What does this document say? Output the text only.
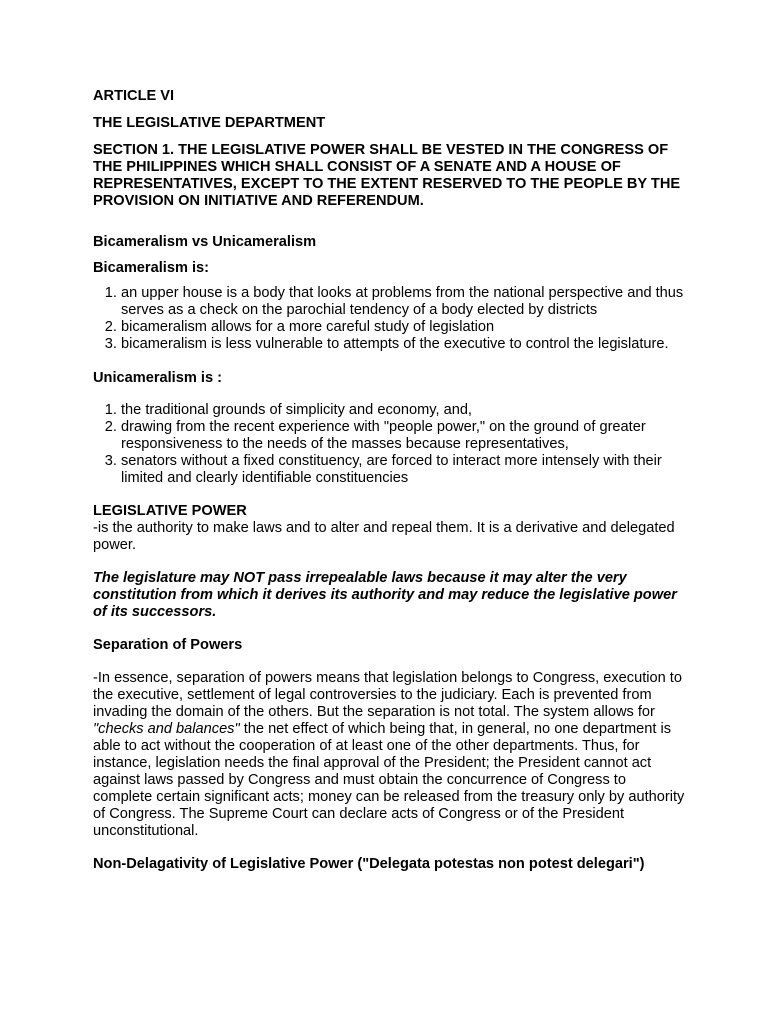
ARTICLE VI

THE LEGISLATIVE DEPARTMENT

SECTION 1. THE LEGISLATIVE POWER SHALL BE VESTED IN THE CONGRESS OF THE PHILIPPINES WHICH SHALL CONSIST OF A SENATE AND A HOUSE OF REPRESENTATIVES, EXCEPT TO THE EXTENT RESERVED TO THE PEOPLE BY THE PROVISION ON INITIATIVE AND REFERENDUM.

Bicameralism vs Unicameralism

Bicameralism is:

1. an upper house is a body that looks at problems from the national perspective and thus serves as a check on the parochial tendency of a body elected by districts
2. bicameralism allows for a more careful study of legislation
3. bicameralism is less vulnerable to attempts of the executive to control the legislature.

Unicameralism is :

1. the traditional grounds of simplicity and economy, and,
2. drawing from the recent experience with "people power," on the ground of greater responsiveness to the needs of the masses because representatives,
3. senators without a fixed constituency, are forced to interact more intensely with their limited and clearly identifiable constituencies

LEGISLATIVE POWER

-is the authority to make laws and to alter and repeal them. It is a derivative and delegated power.

The legislature may NOT pass irrepealable laws because it may alter the very constitution from which it derives its authority and may reduce the legislative power of its successors.

Separation of Powers

-In essence, separation of powers means that legislation belongs to Congress, execution to the executive, settlement of legal controversies to the judiciary. Each is prevented from invading the domain of the others. But the separation is not total. The system allows for "checks and balances" the net effect of which being that, in general, no one department is able to act without the cooperation of at least one of the other departments. Thus, for instance, legislation needs the final approval of the President; the President cannot act against laws passed by Congress and must obtain the concurrence of Congress to complete certain significant acts; money can be released from the treasury only by authority of Congress. The Supreme Court can declare acts of Congress or of the President unconstitutional.

Non-Delagativity of Legislative Power ("Delegata potestas non potest delegari")
